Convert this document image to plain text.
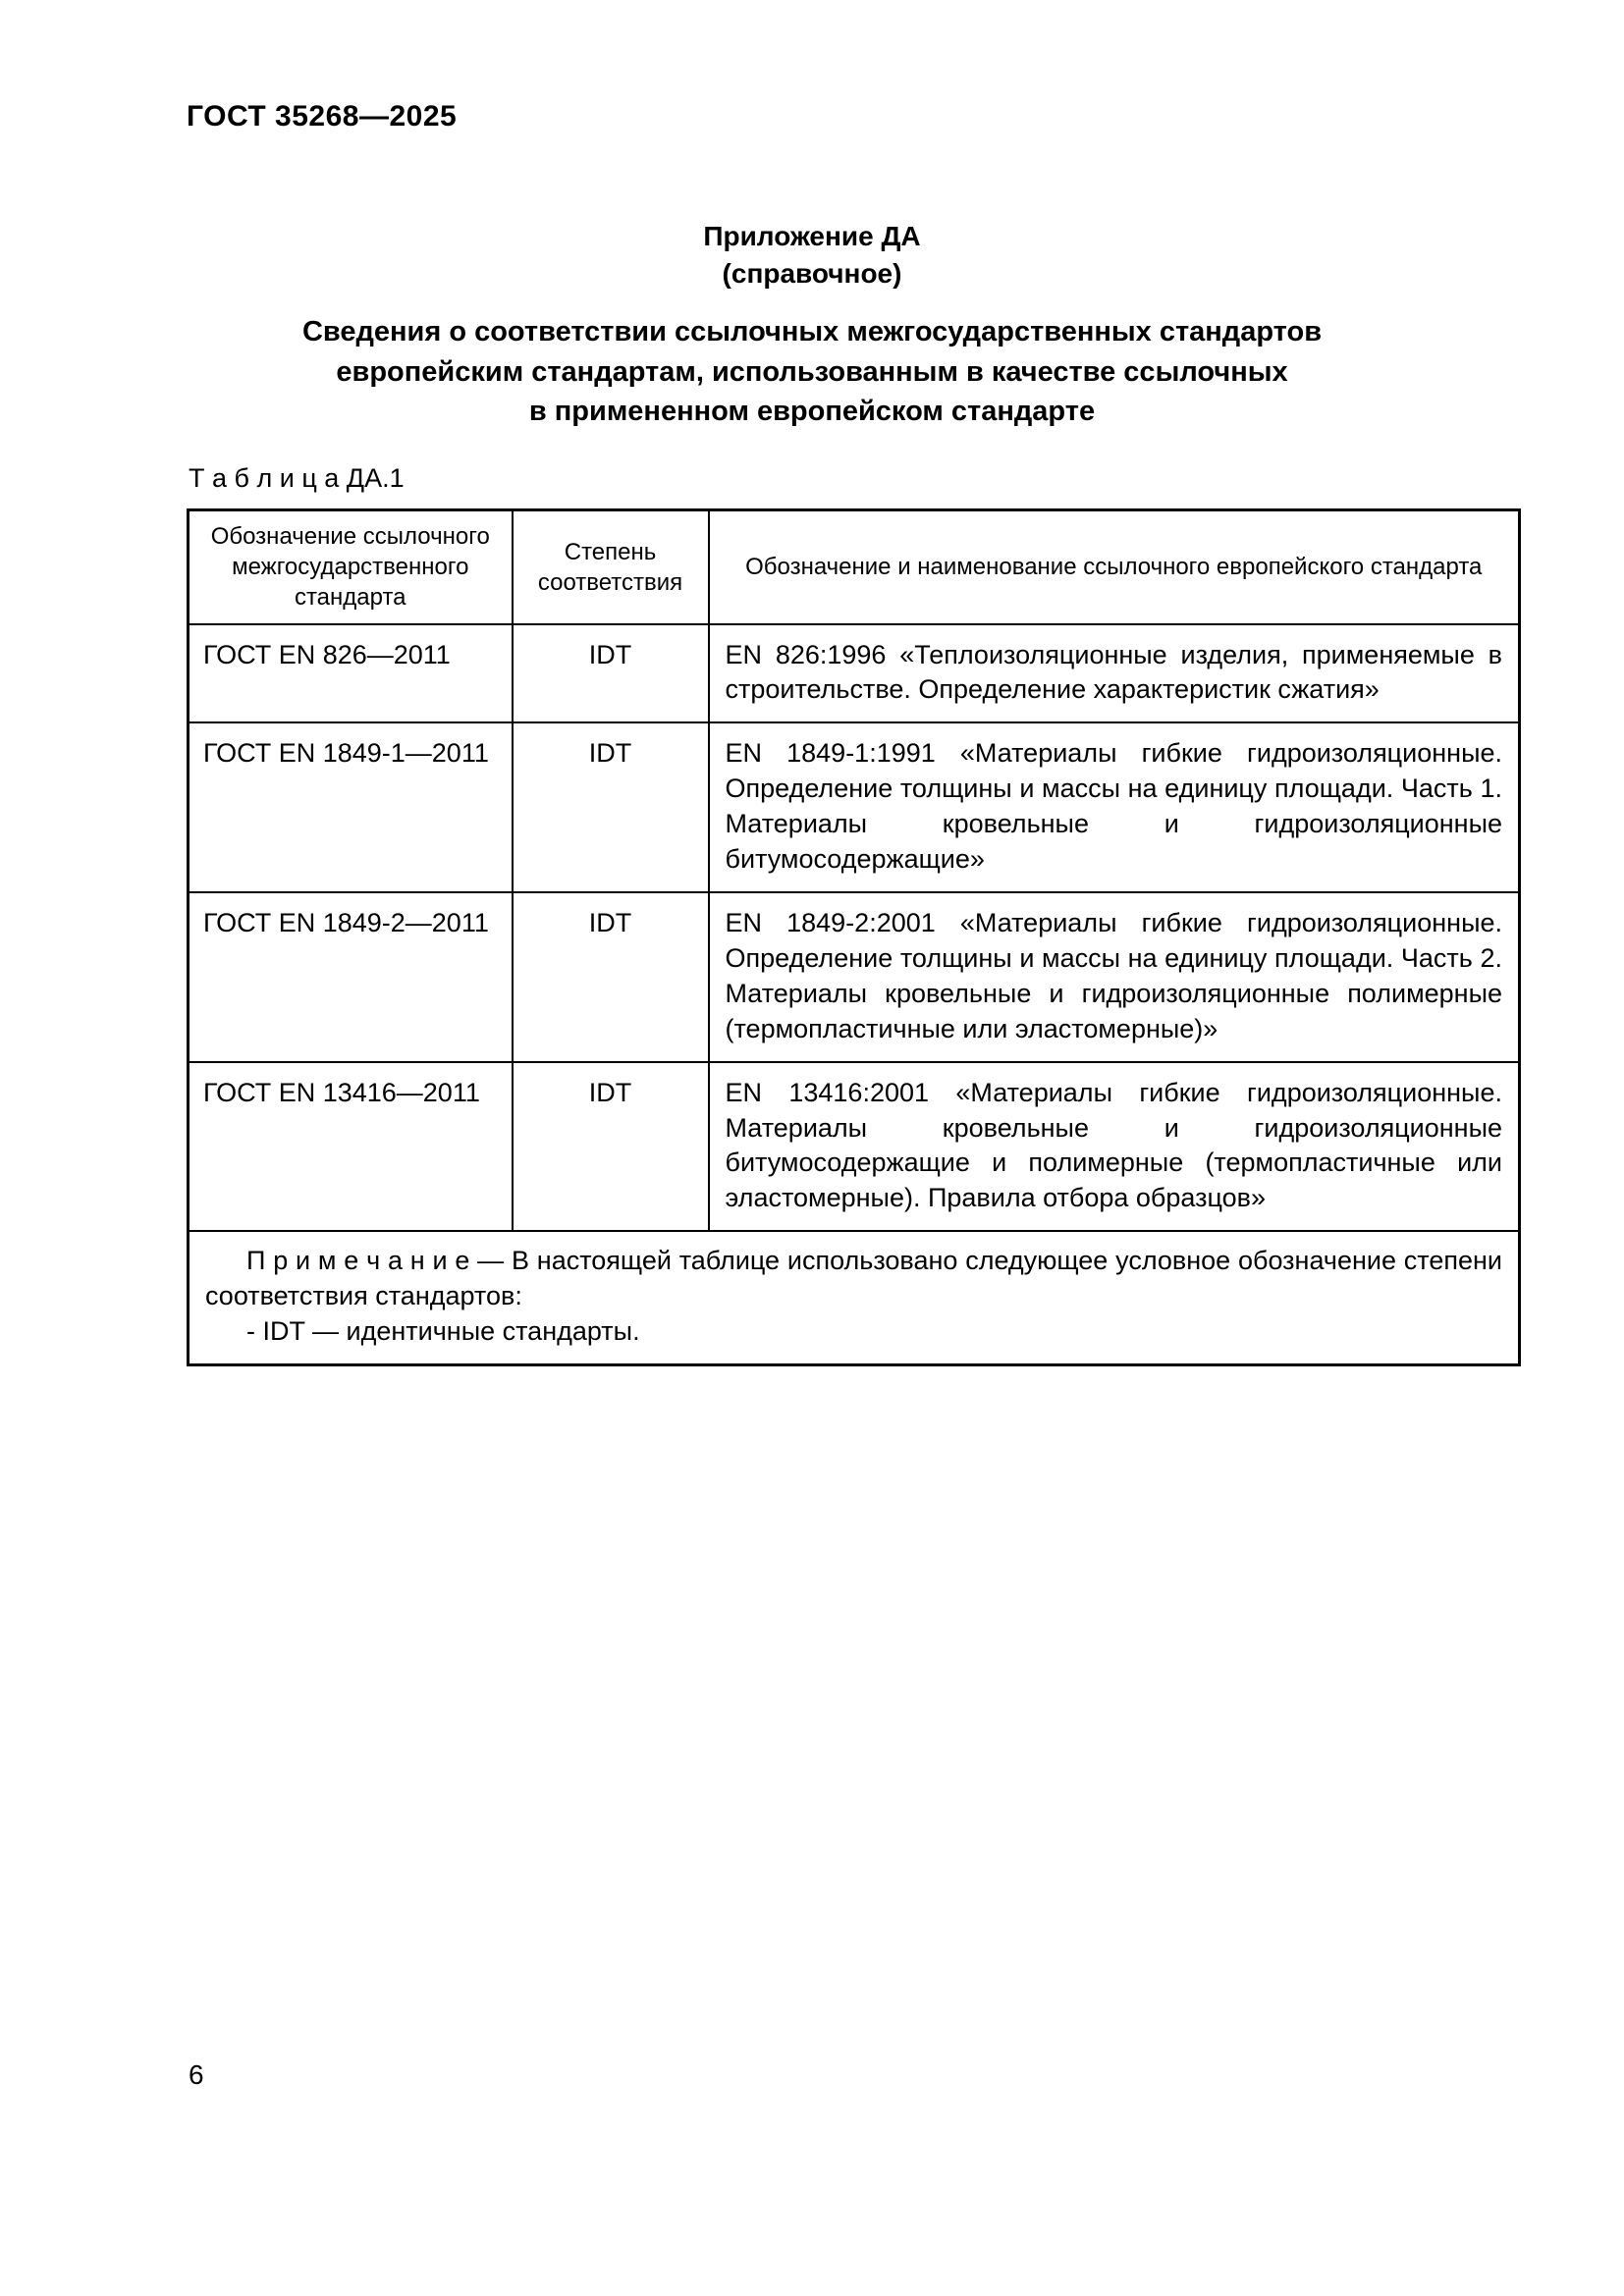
ГОСТ 35268—2025
Приложение ДА
(справочное)
Сведения о соответствии ссылочных межгосударственных стандартов
европейским стандартам, использованным в качестве ссылочных
в примененном европейском стандарте
Т а б л и ц а ДА.1
Обозначение ссылочного межгосударственного стандарта	Степень соответствия	Обозначение и наименование ссылочного европейского стандарта
ГОСТ EN 826—2011	IDT	EN 826:1996 «Теплоизоляционные изделия, применяемые в строительстве. Определение характеристик сжатия»
ГОСТ EN 1849-1—2011	IDT	EN 1849-1:1991 «Материалы гибкие гидроизоляционные. Определение толщины и массы на единицу площади. Часть 1. Материалы кровельные и гидроизоляционные битумосодержащие»
ГОСТ EN 1849-2—2011	IDT	EN 1849-2:2001 «Материалы гибкие гидроизоляционные. Определение толщины и массы на единицу площади. Часть 2. Материалы кровельные и гидроизоляционные полимерные (термопластичные или эластомерные)»
ГОСТ EN 13416—2011	IDT	EN 13416:2001 «Материалы гибкие гидроизоляционные. Материалы кровельные и гидроизоляционные битумосодержащие и полимерные (термопластичные или эластомерные). Правила отбора образцов»

П р и м е ч а н и е — В настоящей таблице использовано следующее условное обозначение степени соответствия стандартов:
- IDT — идентичные стандарты.		
6
